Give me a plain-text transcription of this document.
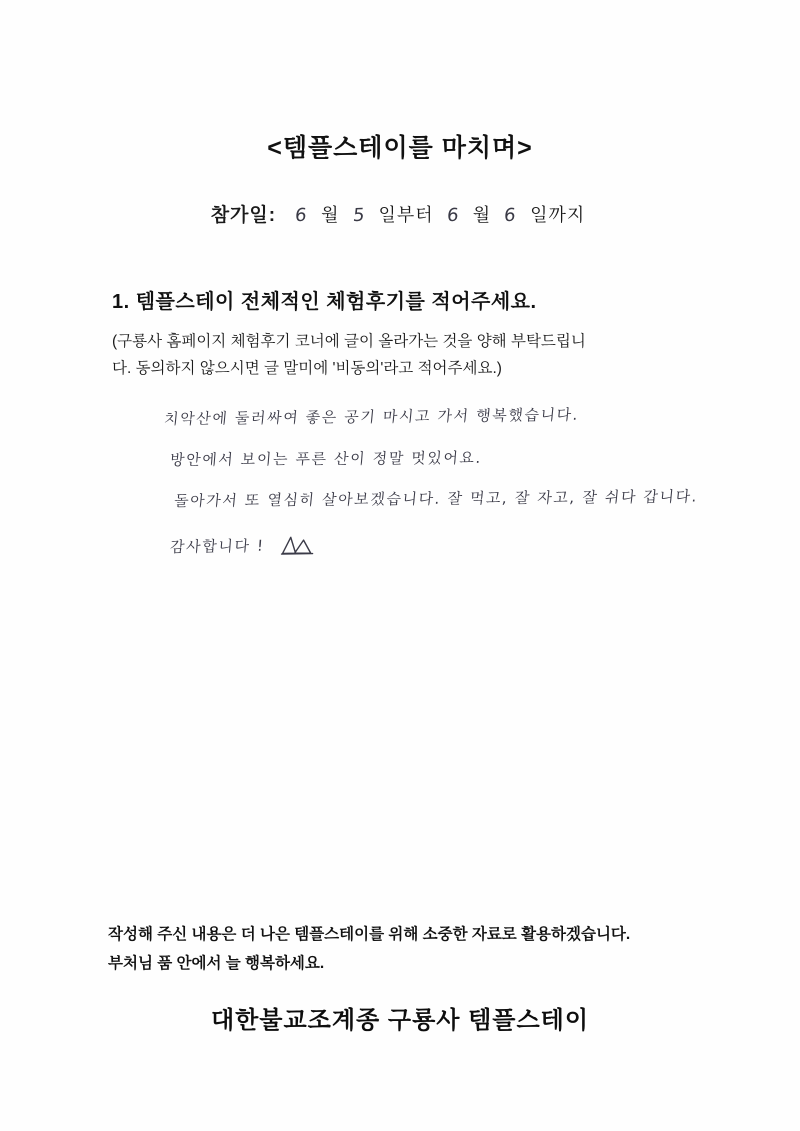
<템플스테이를 마치며>
참가일: 6 월 5 일부터 6 월 6 일까지
1. 템플스테이 전체적인 체험후기를 적어주세요.
(구룡사 홈페이지 체험후기 코너에 글이 올라가는 것을 양해 부탁드립니
다. 동의하지 않으시면 글 말미에 '비동의'라고 적어주세요.)
치악산에 둘러싸여 좋은 공기 마시고 가서 행복했습니다.
방안에서 보이는 푸른 산이 정말 멋있어요.
돌아가서 또 열심히 살아보겠습니다. 잘 먹고, 잘 자고, 잘 쉬다 갑니다.
감사합니다 !
작성해 주신 내용은 더 나은 템플스테이를 위해 소중한 자료로 활용하겠습니다.
부처님 품 안에서 늘 행복하세요.
대한불교조계종 구룡사 템플스테이
